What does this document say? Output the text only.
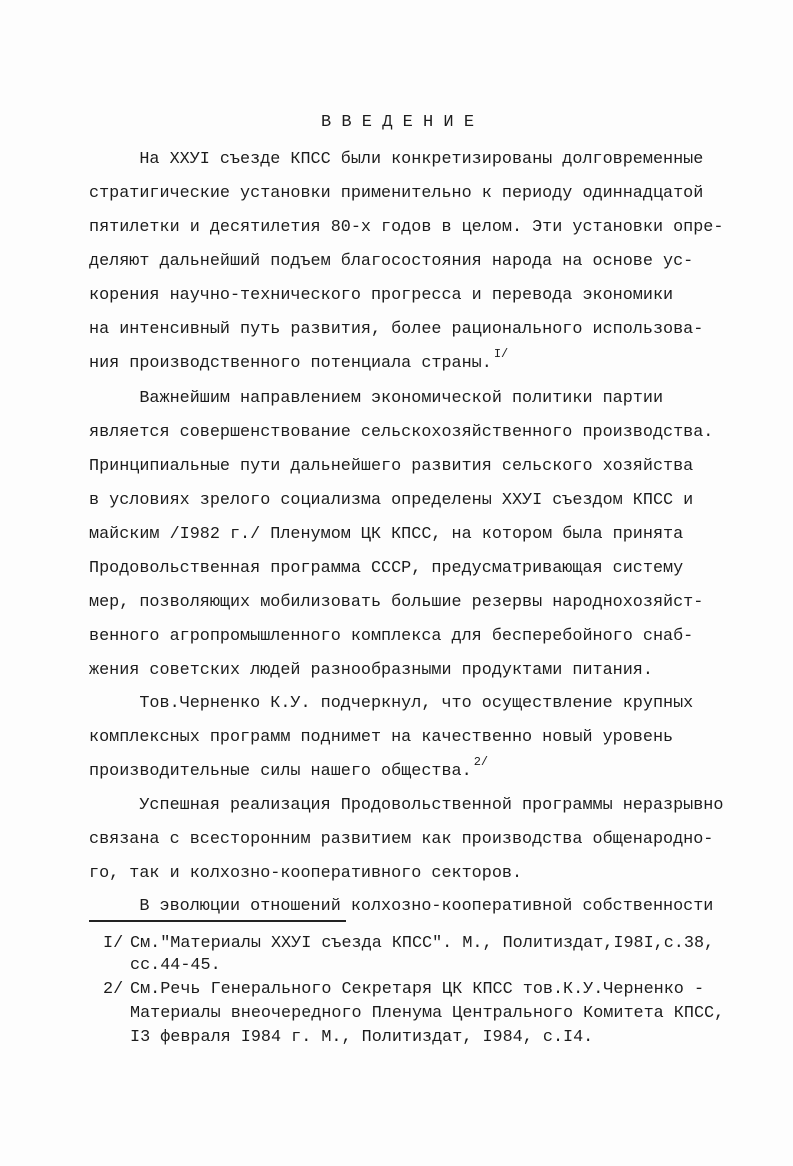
В В Е Д Е Н И Е
На ХХУI съезде КПСС были конкретизированы долговременные
стратигические установки применительно к периоду одиннадцатой
пятилетки и десятилетия 80-х годов в целом. Эти установки опре-
деляют дальнейший подъем благосостояния народа на основе ус-
корения научно-технического прогресса и перевода экономики
на интенсивный путь развития, более рационального использова-
ния производственного потенциала страны. $^{I/}$
Важнейшим направлением экономической политики партии
является совершенствование сельскохозяйственного производства.
Принципиальные пути дальнейшего развития сельского хозяйства
в условиях зрелого социализма определены ХХУI съездом КПСС и
майским /I982 г./ Пленумом ЦК КПСС, на котором была принята
Продовольственная программа СССР, предусматривающая систему
мер, позволяющих мобилизовать большие резервы народнохозяйст-
венного агропромышленного комплекса для бесперебойного снаб-
жения советских людей разнообразными продуктами питания.
Тов.Черненко К.У. подчеркнул, что осуществление крупных
комплексных программ поднимет на качественно новый уровень
производительные силы нашего общества. $^{2/}$
Успешная реализация Продовольственной программы неразрывно
связана с всесторонним развитием как производства общенародно-
го, так и колхозно-кооперативного секторов.
В эволюции отношений колхозно-кооперативной собственности
I/ См."Материалы ХХУI съезда КПСС". М., Политиздат,I98I,с.38,
сс.44-45.
2/ См.Речь Генерального Секретаря ЦК КПСС тов.К.У.Черненко -
Материалы внеочередного Пленума Центрального Комитета КПСС,
I3 февраля I984 г. М., Политиздат, I984, с.I4.
